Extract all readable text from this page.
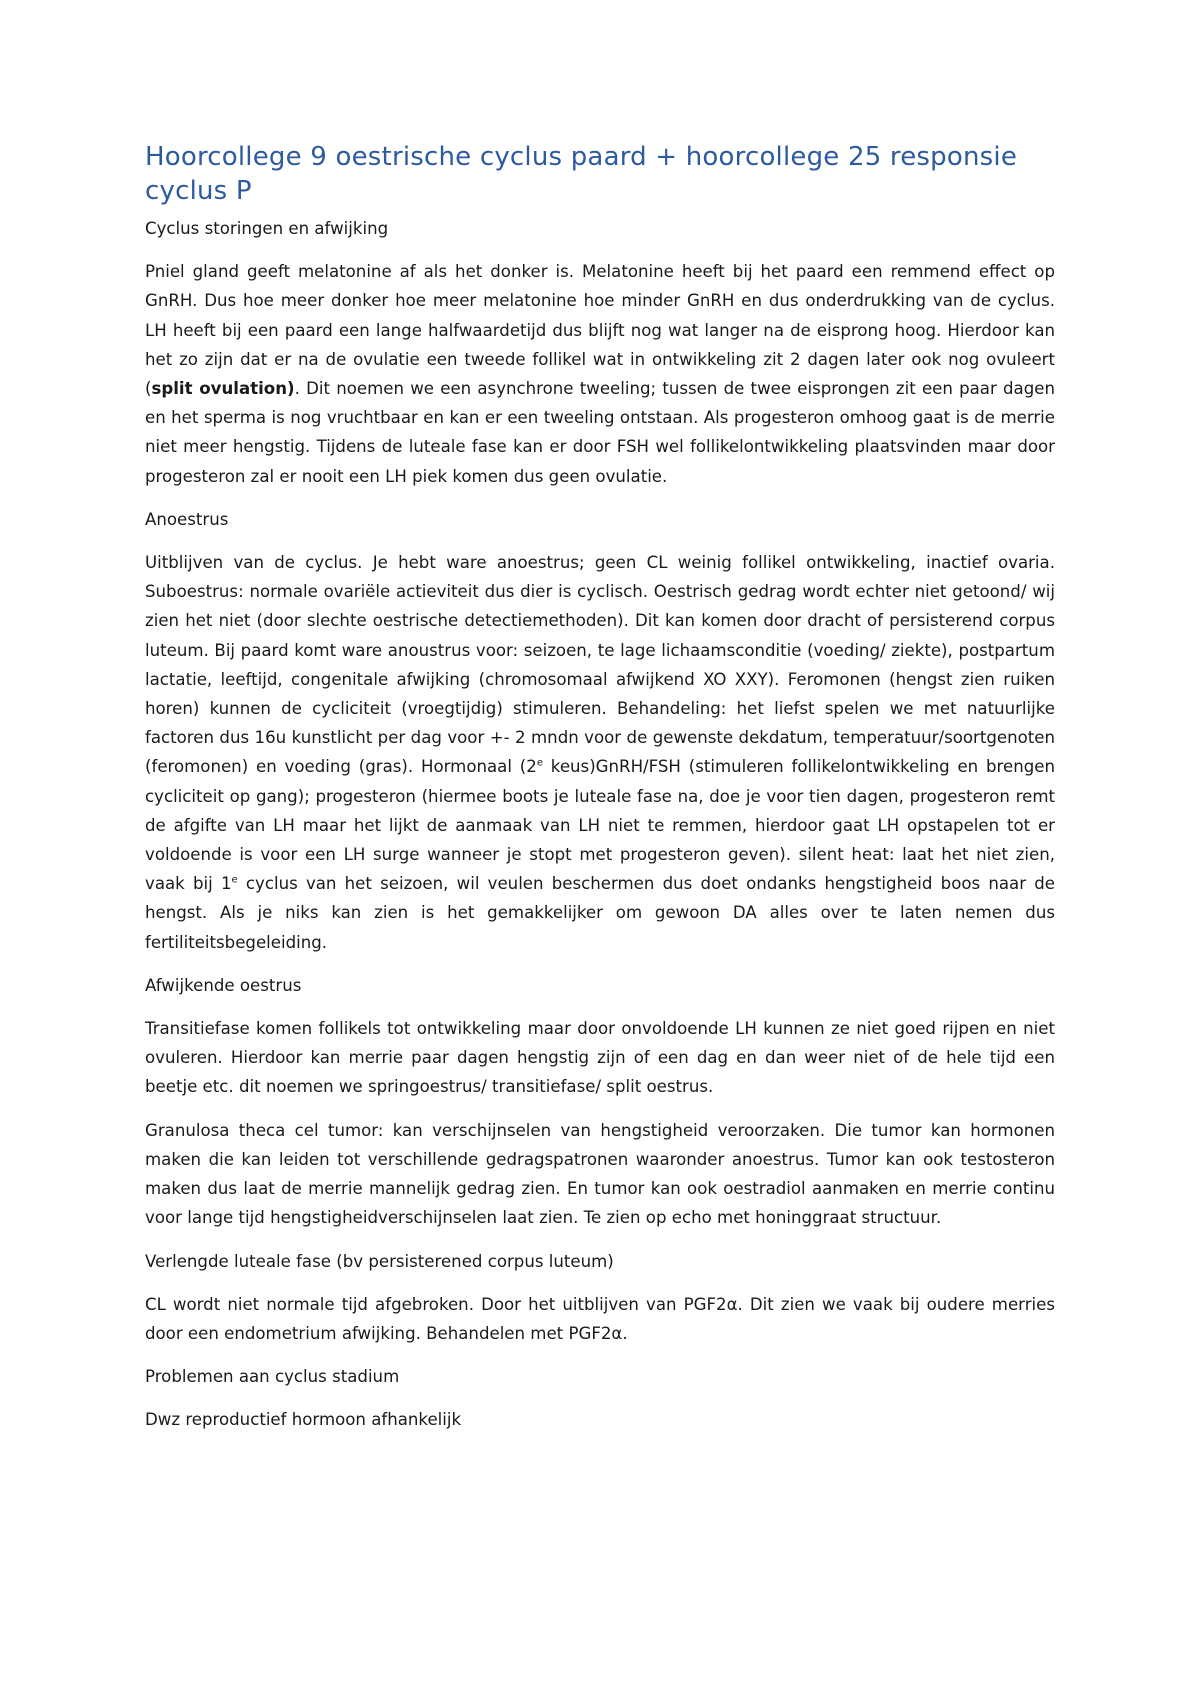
Hoorcollege 9 oestrische cyclus paard + hoorcollege 25 responsie cyclus P

Cyclus storingen en afwijking

Pniel gland geeft melatonine af als het donker is. Melatonine heeft bij het paard een remmend effect op GnRH. Dus hoe meer donker hoe meer melatonine hoe minder GnRH en dus onderdrukking van de cyclus. LH heeft bij een paard een lange halfwaardetijd dus blijft nog wat langer na de eisprong hoog. Hierdoor kan het zo zijn dat er na de ovulatie een tweede follikel wat in ontwikkeling zit 2 dagen later ook nog ovuleert (split ovulation). Dit noemen we een asynchrone tweeling; tussen de twee eisprongen zit een paar dagen en het sperma is nog vruchtbaar en kan er een tweeling ontstaan. Als progesteron omhoog gaat is de merrie niet meer hengstig. Tijdens de luteale fase kan er door FSH wel follikelontwikkeling plaatsvinden maar door progesteron zal er nooit een LH piek komen dus geen ovulatie.

Anoestrus

Uitblijven van de cyclus. Je hebt ware anoestrus; geen CL weinig follikel ontwikkeling, inactief ovaria. Suboestrus: normale ovariële actieviteit dus dier is cyclisch. Oestrisch gedrag wordt echter niet getoond/ wij zien het niet (door slechte oestrische detectiemethoden). Dit kan komen door dracht of persisterend corpus luteum. Bij paard komt ware anoustrus voor: seizoen, te lage lichaamsconditie (voeding/ ziekte), postpartum lactatie, leeftijd, congenitale afwijking (chromosomaal afwijkend XO XXY). Feromonen (hengst zien ruiken horen) kunnen de cycliciteit (vroegtijdig) stimuleren. Behandeling: het liefst spelen we met natuurlijke factoren dus 16u kunstlicht per dag voor +- 2 mndn voor de gewenste dekdatum, temperatuur/soortgenoten (feromonen) en voeding (gras). Hormonaal (2e keus)GnRH/FSH (stimuleren follikelontwikkeling en brengen cycliciteit op gang); progesteron (hiermee boots je luteale fase na, doe je voor tien dagen, progesteron remt de afgifte van LH maar het lijkt de aanmaak van LH niet te remmen, hierdoor gaat LH opstapelen tot er voldoende is voor een LH surge wanneer je stopt met progesteron geven). silent heat: laat het niet zien, vaak bij 1e cyclus van het seizoen, wil veulen beschermen dus doet ondanks hengstigheid boos naar de hengst. Als je niks kan zien is het gemakkelijker om gewoon DA alles over te laten nemen dus fertiliteitsbegeleiding.

Afwijkende oestrus

Transitiefase komen follikels tot ontwikkeling maar door onvoldoende LH kunnen ze niet goed rijpen en niet ovuleren. Hierdoor kan merrie paar dagen hengstig zijn of een dag en dan weer niet of de hele tijd een beetje etc. dit noemen we springoestrus/ transitiefase/ split oestrus.

Granulosa theca cel tumor: kan verschijnselen van hengstigheid veroorzaken. Die tumor kan hormonen maken die kan leiden tot verschillende gedragspatronen waaronder anoestrus. Tumor kan ook testosteron maken dus laat de merrie mannelijk gedrag zien. En tumor kan ook oestradiol aanmaken en merrie continu voor lange tijd hengstigheidverschijnselen laat zien. Te zien op echo met honinggraat structuur.

Verlengde luteale fase (bv persisterened corpus luteum)

CL wordt niet normale tijd afgebroken. Door het uitblijven van PGF2α. Dit zien we vaak bij oudere merries door een endometrium afwijking. Behandelen met PGF2α.

Problemen aan cyclus stadium

Dwz reproductief hormoon afhankelijk
